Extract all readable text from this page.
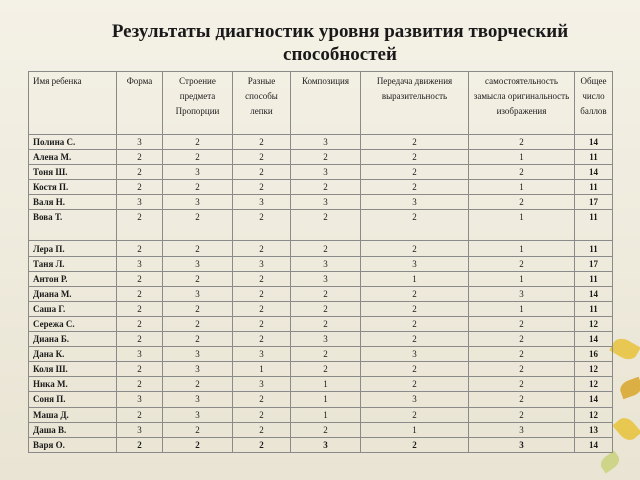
Результаты диагностик уровня развития творческий способностей
Имя ребенка	Форма	Строение предмета Пропорции	Разные способы лепки	Композиция	Передача движения выразительность	самостоятельность замысла оригинальность изображения	Общее число баллов
Полина С.	3	2	2	3	2	2	14
Алена М.	2	2	2	2	2	1	11
Тоня Ш.	2	3	2	3	2	2	14
Костя П.	2	2	2	2	2	1	11
Валя Н.	3	3	3	3	3	2	17
Вова Т.	2	2	2	2	2	1	11
Лера П.	2	2	2	2	2	1	11
Таня Л.	3	3	3	3	3	2	17
Антон Р.	2	2	2	3	1	1	11
Диана М.	2	3	2	2	2	3	14
Саша Г.	2	2	2	2	2	1	11
Сережа С.	2	2	2	2	2	2	12
Диана Б.	2	2	2	3	2	2	14
Дана К.	3	3	3	2	3	2	16
Коля Ш.	2	3	1	2	2	2	12
Ника М.	2	2	3	1	2	2	12
Соня П.	3	3	2	1	3	2	14
Маша Д.	2	3	2	1	2	2	12
Даша В.	3	2	2	2	1	3	13
Варя О.	2	2	2	3	2	3	14
